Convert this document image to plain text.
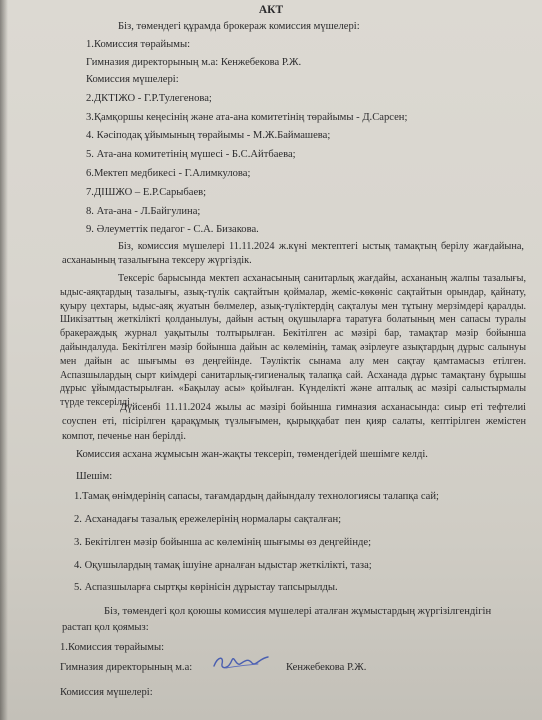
АКТ
Біз, төмендегі құрамда брокераж комиссия мүшелері:
1.Комиссия төрайымы:
Гимназия директорының м.а: Кенжебекова Р.Ж.
Комиссия мүшелері:
2.ДКТІЖО - Г.Р.Тулегенова;
3.Қамқоршы кеңесінің және ата-ана комитетінің төрайымы - Д.Сарсен;
4. Кәсіподақ ұйымының төрайымы - М.Ж.Баймашева;
5. Ата-ана комитетінің мүшесі - Б.С.Айтбаева;
6.Мектеп медбикесі - Г.Алимкулова;
7.ДІШЖО – Е.Р.Сарыбаев;
8. Ата-ана - Л.Байгулина;
9. Әлеуметтік педагог - С.А. Бизакова.
Біз, комиссия мүшелері 11.11.2024 ж.күні мектептегі ыстық тамақтың берілу жағдайына, асханаының тазалығына тексеру жүргіздік.
Тексеріс барысында мектеп асханасының санитарлық жағдайы, асхананың жалпы тазалығы, ыдыс-аяқтардың тазалығы, азық-түлік сақтайтын қоймалар, жеміс-көкөніс сақтайтын орындар, қайнату, қуыру цехтары, ыдыс-аяқ жуатын бөлмелер, азық-түліктердің сақталуы мен тұтыну мерзімдері қаралды. Шикізаттың жеткілікті қолданылуы, дайын астың оқушыларға таратуға болатының мен сапасы туралы бракераждық журнал уақытылы толтырылған. Бекітілген ас мәзірі бар, тамақтар мәзір бойынша дайындалуда. Бекітілген мәзір бойынша дайын ас көлемінің, тамақ әзірлеуге азықтардың дұрыс салынуы мен дайын ас шығымы өз деңгейінде. Тәуліктік сынама алу мен сақтау қамтамасыз етілген. Аспазшылардың сырт киімдері санитарлық-гигиеналық талапқа сай. Асханада дұрыс тамақтану бұрышы дұрыс ұйымдастырылған. «Бақылау асы» қойылған. Күнделікті және апталық ас мәзірі салыстырмалы түрде тексерілді.
Дүйсенбі 11.11.2024 жылы ас мәзірі бойынша гимназия асханасында: сиыр еті тефтелиі соуспен еті, пісірілген қарақұмық түзлығымен, қырыққабат пен қияр салаты, кептірілген жемістен компот, печенье нан берілді.
Комиссия асхана жұмысын жан-жақты тексеріп, төмендегідей шешімге келді.
Шешім:
1.Тамақ өнімдерінің сапасы, тағамдардың дайындалу технологиясы талапқа сай;
2. Асханадағы тазалық ережелерінің нормалары сақталған;
3. Бекітілген мәзір бойынша ас көлемінің шығымы өз деңгейінде;
4. Оқушылардың тамақ ішуіне арналған ыдыстар жеткілікті, таза;
5. Аспазшыларға сыртқы көрінісін дұрыстау тапсырылды.
Біз, төмендегі қол қоюшы комиссия мүшелері аталған жұмыстардың жүргізілгендігін
растап қол қоямыз:
1.Комиссия төрайымы:
Гимназия директорының м.а:	Кенжебекова Р.Ж.
Комиссия мүшелері:
